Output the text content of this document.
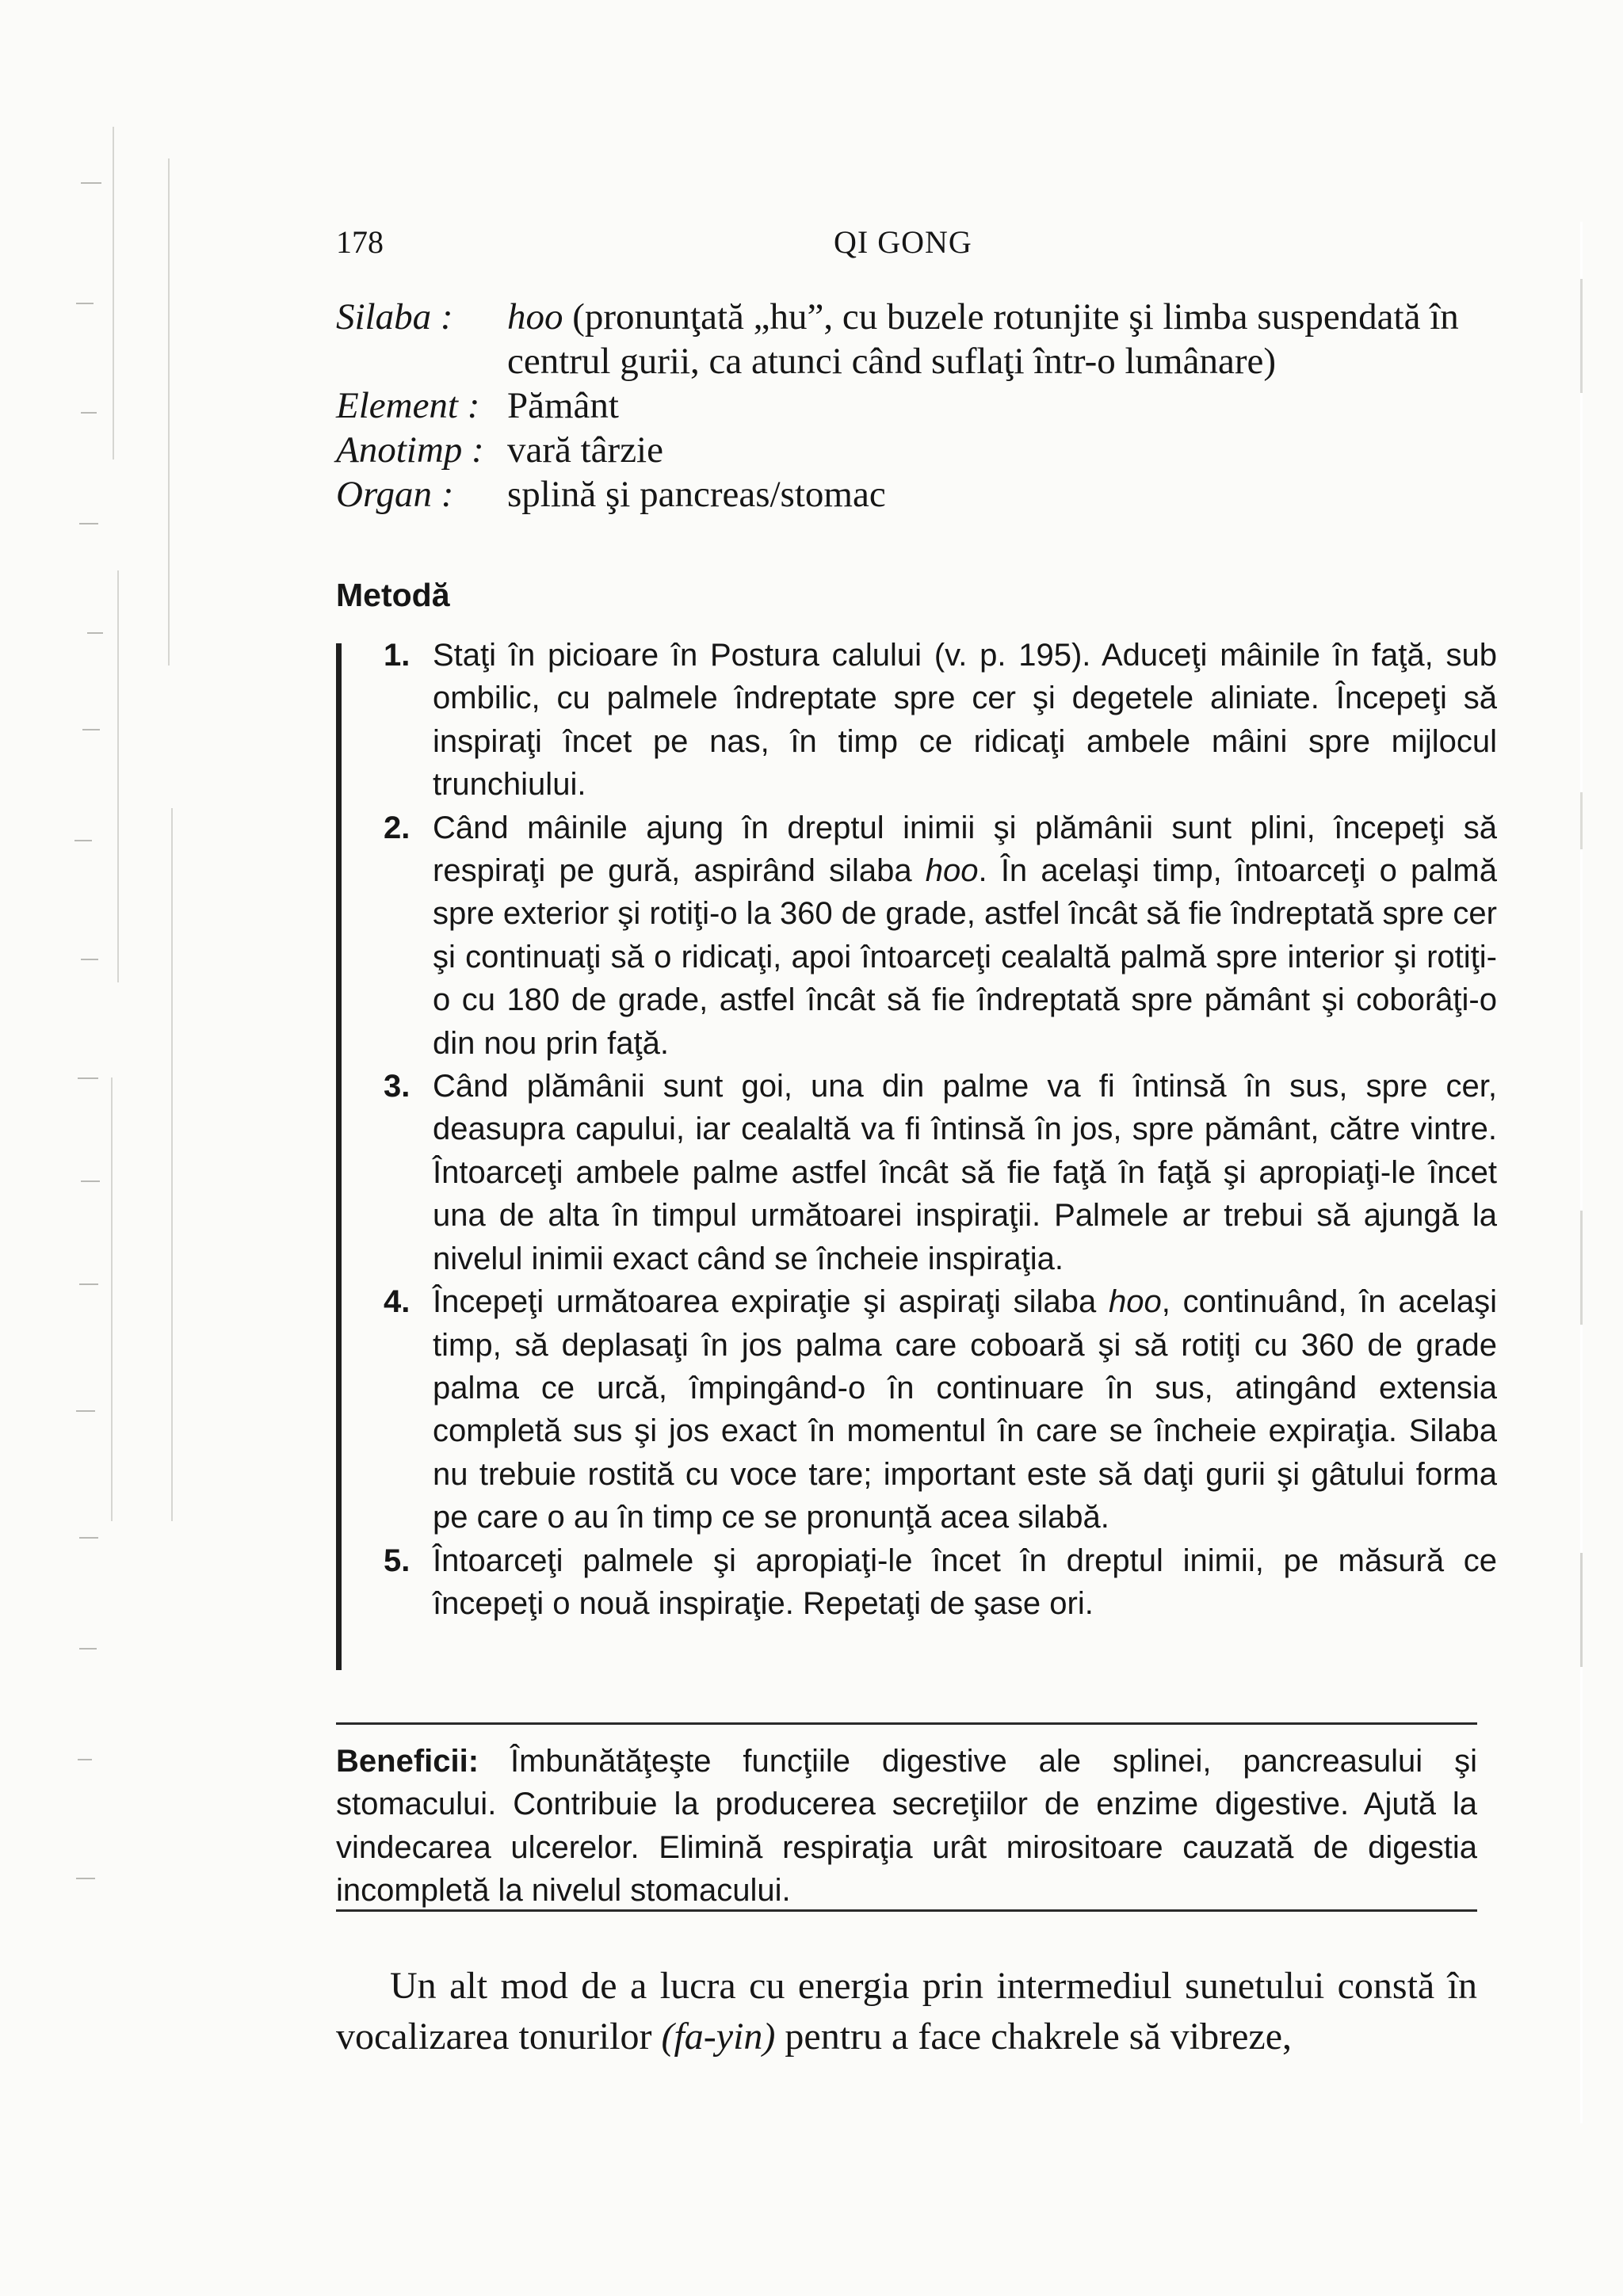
178	QI GONG
Silaba :	hoo (pronunţată „hu”, cu buzele rotunjite şi limba suspendată în centrul gurii, ca atunci când suflaţi într-o lumânare)
Element : Pământ
Anotimp : vară târzie
Organ :	splină şi pancreas/stomac
Metodă
1. Staţi în picioare în Postura calului (v. p. 195). Aduceţi mâinile în faţă, sub ombilic, cu palmele îndreptate spre cer şi degetele aliniate. Începeţi să inspiraţi încet pe nas, în timp ce ridicaţi ambele mâini spre mijlocul trunchiului.
2. Când mâinile ajung în dreptul inimii şi plămânii sunt plini, începeţi să respiraţi pe gură, aspirând silaba hoo. În acelaşi timp, întoarceţi o palmă spre exterior şi rotiţi-o la 360 de grade, astfel încât să fie îndreptată spre cer şi continuaţi să o ridicaţi, apoi întoarceţi cealaltă palmă spre interior şi rotiţi-o cu 180 de grade, astfel încât să fie îndreptată spre pământ şi coborâţi-o din nou prin faţă.
3. Când plămânii sunt goi, una din palme va fi întinsă în sus, spre cer, deasupra capului, iar cealaltă va fi întinsă în jos, spre pământ, către vintre. Întoarceţi ambele palme astfel încât să fie faţă în faţă şi apropiaţi-le încet una de alta în timpul următoarei inspiraţii. Palmele ar trebui să ajungă la nivelul inimii exact când se încheie inspiraţia.
4. Începeţi următoarea expiraţie şi aspiraţi silaba hoo, continuând, în acelaşi timp, să deplasaţi în jos palma care coboară şi să rotiţi cu 360 de grade palma ce urcă, împingând-o în continuare în sus, atingând extensia completă sus şi jos exact în momentul în care se încheie expiraţia. Silaba nu trebuie rostită cu voce tare; important este să daţi gurii şi gâtului forma pe care o au în timp ce se pronunţă acea silabă.
5. Întoarceţi palmele şi apropiaţi-le încet în dreptul inimii, pe măsură ce începeţi o nouă inspiraţie. Repetaţi de şase ori.
Beneficii: Îmbunătăţeşte funcţiile digestive ale splinei, pancreasului şi stomacului. Contribuie la producerea secreţiilor de enzime digestive. Ajută la vindecarea ulcerelor. Elimină respiraţia urât mirositoare cauzată de digestia incompletă la nivelul stomacului.
Un alt mod de a lucra cu energia prin intermediul sunetului constă în vocalizarea tonurilor (fa-yin) pentru a face chakrele să vibreze,
